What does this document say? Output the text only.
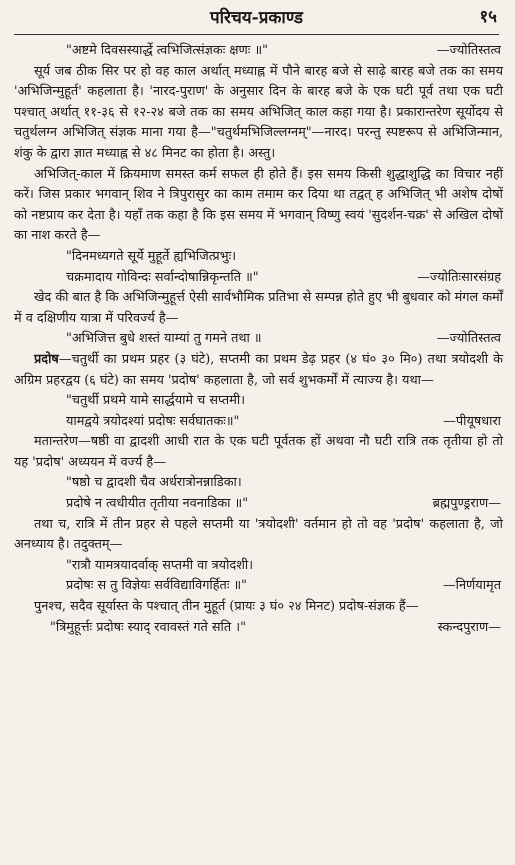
परिचय-प्रकाण्ड	१५

"अष्टमे दिवसस्यार्द्धे त्वभिजित्संज्ञकः क्षणः ॥"	—ज्योतिस्तत्व

सूर्य जब ठीक सिर पर हो वह काल अर्थात् मध्याह्न में पौने बारह बजे से साढ़े बारह बजे तक का समय 'अभिजिन्मुहूर्त' कहलाता है। 'नारद-पुराण' के अनुसार दिन के बारह बजे के एक घटी पूर्व तथा एक घटी पश्चात् अर्थात् ११-३६ से १२-२४ बजे तक का समय अभिजित् काल कहा गया है। प्रकारान्तरेण सूर्योदय से चतुर्थलग्न अभिजित् संज्ञक माना गया है—"चतुर्थमभिजिल्लग्नम्"—नारद। परन्तु स्पष्टरूप से अभिजिन्मान, शंकु के द्वारा ज्ञात मध्याह्न से ४८ मिनट का होता है। अस्तु।

अभिजित्-काल में क्रियमाण समस्त कर्म सफल ही होते हैं। इस समय किसी शुद्धाशुद्धि का विचार नहीं करें। जिस प्रकार भगवान् शिव ने त्रिपुरासुर का काम तमाम कर दिया था तद्वत् ह अभिजित् भी अशेष दोषों को नष्टप्राय कर देता है। यहाँ तक कहा है कि इस समय में भगवान् विष्णु स्वयं 'सुदर्शन-चक्र' से अखिल दोषों का नाश करते है—

"दिनमध्यगते सूर्ये मुहूर्ते ह्यभिजित्प्रभुः।

चक्रमादाय गोविन्दः सर्वान्दोषान्निकृन्तति ॥"	—ज्योतिःसारसंग्रह

खेद की बात है कि अभिजिन्मुहूर्त्त ऐसी सार्वभौमिक प्रतिभा से सम्पन्न होते हुए भी बुधवार को मंगल कर्मों में व दक्षिणीय यात्रा में परिवर्ज्य है—

"अभिजित्त बुधे शस्तं याम्यां तु गमने तथा ॥	—ज्योतिस्तत्व

प्रदोष—चतुर्थी का प्रथम प्रहर (३ घंटे), सप्तमी का प्रथम डेढ़ प्रहर (४ घं० ३० मि०) तथा त्रयोदशी के अग्रिम प्रहरद्वय (६ घंटे) का समय 'प्रदोष' कहलाता है, जो सर्व शुभकर्मों में त्याज्य है। यथा—

"चतुर्थी प्रथमे यामे सार्द्धयामे च सप्तमी।

यामद्वये त्रयोदश्यां प्रदोषः सर्वघातकः॥"	—पीयूषधारा

मतान्तरेण—षष्ठी वा द्वादशी आधी रात के एक घटी पूर्वतक हों अथवा नौ घटी रात्रि तक तृतीया हो तो यह 'प्रदोष' अध्ययन में वर्ज्य है—

"षष्ठो च द्वादशी चैव अर्धरात्रोनन्नाडिका।

प्रदोषे न त्वधीयीत तृतीया नवनाडिका ॥"	ब्रह्मपुण्ड्रराण—

तथा च, रात्रि में तीन प्रहर से पहले सप्तमी या 'त्रयोदशी' वर्तमान हो तो वह 'प्रदोष' कहलाता है, जो अनध्याय है। तदुक्तम्—

"रात्रौ यामत्रयादर्वाक् सप्तमी वा त्रयोदशी।

प्रदोषः स तु विज्ञेयः सर्वविद्याविगर्हितः ॥"	—निर्णयामृत

पुनश्च, सदैव सूर्यास्त के पश्चात् तीन मुहूर्त (प्रायः ३ घं० २४ मिनट) प्रदोष-संज्ञक हैं—

"त्रिमुहूर्त्तः प्रदोषः स्याद् रवावस्तं गते सति ।"	स्कन्दपुराण—
